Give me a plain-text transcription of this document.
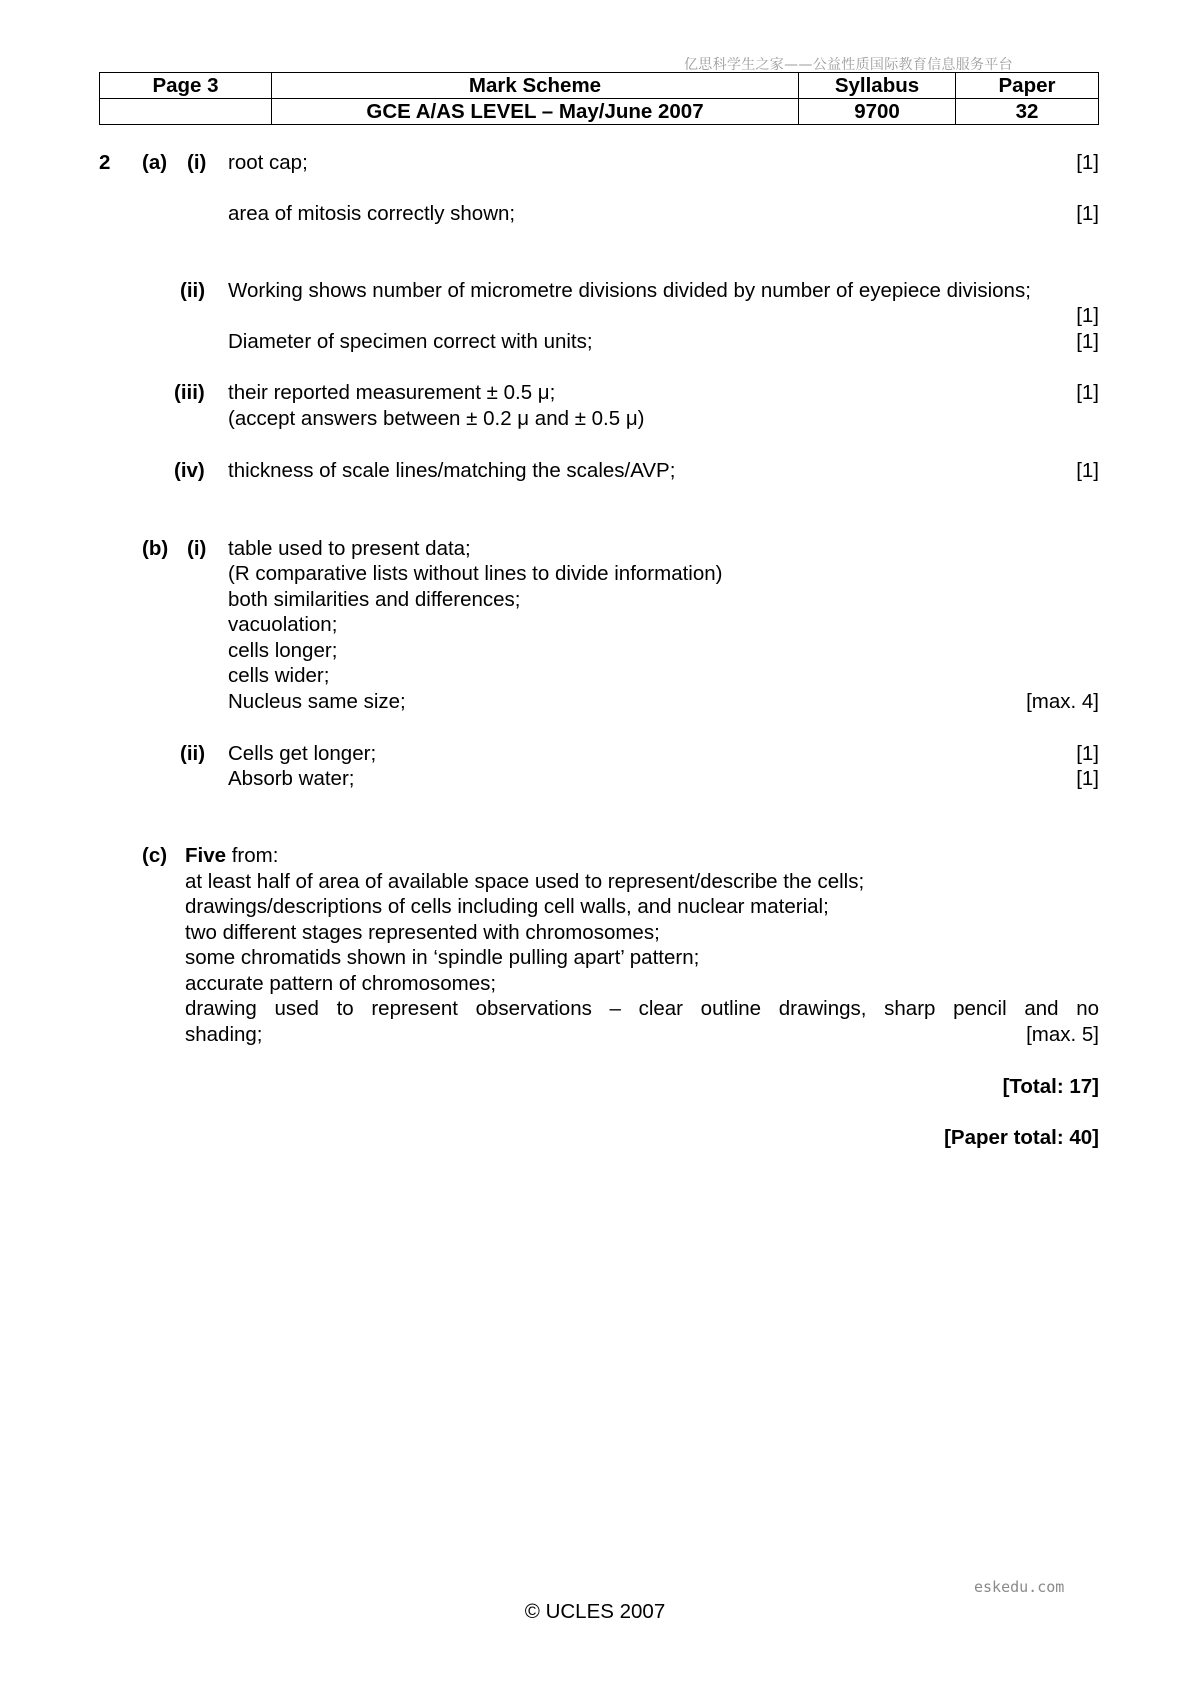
亿思科学生之家——公益性质国际教育信息服务平台
Page 3	Mark Scheme	Syllabus	Paper
	GCE A/AS LEVEL – May/June 2007	9700	32
2 (a) (i) root cap;	[1]
area of mitosis correctly shown;	[1]
(ii) Working shows number of micrometre divisions divided by number of eyepiece divisions;
[1]
Diameter of specimen correct with units;	[1]
(iii) their reported measurement ± 0.5 μ;	[1]
(accept answers between ± 0.2 μ and ± 0.5 μ)
(iv) thickness of scale lines/matching the scales/AVP;	[1]
(b) (i) table used to present data;
(R comparative lists without lines to divide information)
both similarities and differences;
vacuolation;
cells longer;
cells wider;
Nucleus same size;	[max. 4]
(ii) Cells get longer;	[1]
Absorb water;	[1]
(c) Five from:
at least half of area of available space used to represent/describe the cells;
drawings/descriptions of cells including cell walls, and nuclear material;
two different stages represented with chromosomes;
some chromatids shown in ‘spindle pulling apart’ pattern;
accurate pattern of chromosomes;
drawing used to represent observations – clear outline drawings, sharp pencil and no
shading;	[max. 5]
[Total: 17]
[Paper total: 40]
eskedu.com
© UCLES 2007
